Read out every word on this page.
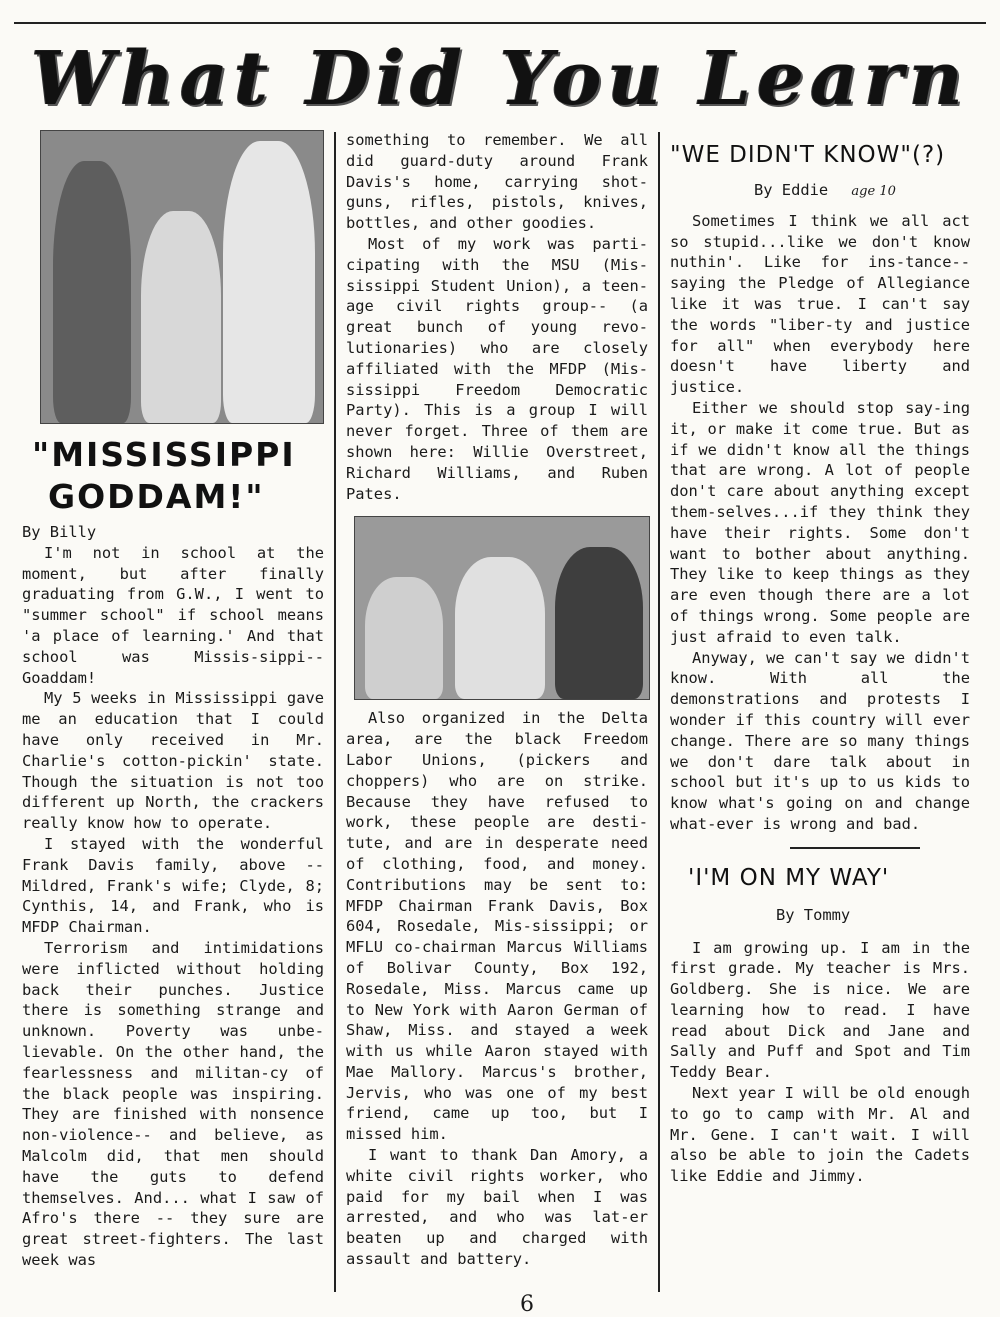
What Did You Learn
"MISSISSIPPI
GODDAM!"

By Billy

I'm not in school at the moment, but after finally graduating from G.W., I went to "summer school" if school means 'a place of learning.' And that school was Missis-sippi--Goaddam!

My 5 weeks in Mississippi gave me an education that I could have only received in Mr. Charlie's cotton-pickin' state. Though the situation is not too different up North, the crackers really know how to operate.

I stayed with the wonderful Frank Davis family, above -- Mildred, Frank's wife; Clyde, 8; Cynthis, 14, and Frank, who is MFDP Chairman.

Terrorism and intimidations were inflicted without holding back their punches. Justice there is something strange and unknown. Poverty was unbe-lievable. On the other hand, the fearlessness and militan-cy of the black people was inspiring. They are finished with nonsence non-violence-- and believe, as Malcolm did, that men should have the guts to defend themselves. And... what I saw of Afro's there -- they sure are great street-fighters. The last week was

something to remember. We all did guard-duty around Frank Davis's home, carrying shot-guns, rifles, pistols, knives, bottles, and other goodies.

Most of my work was parti-cipating with the MSU (Mis-sissippi Student Union), a teen-age civil rights group-- (a great bunch of young revo-lutionaries) who are closely affiliated with the MFDP (Mis-sissippi Freedom Democratic Party). This is a group I will never forget. Three of them are shown here: Willie Overstreet, Richard Williams, and Ruben Pates.

Also organized in the Delta area, are the black Freedom Labor Unions, (pickers and choppers) who are on strike. Because they have refused to work, these people are desti-tute, and are in desperate need of clothing, food, and money. Contributions may be sent to: MFDP Chairman Frank Davis, Box 604, Rosedale, Mis-sissippi; or MFLU co-chairman Marcus Williams of Bolivar County, Box 192, Rosedale, Miss. Marcus came up to New York with Aaron German of Shaw, Miss. and stayed a week with us while Aaron stayed with Mae Mallory. Marcus's brother, Jervis, who was one of my best friend, came up too, but I missed him.

I want to thank Dan Amory, a white civil rights worker, who paid for my bail when I was arrested, and who was lat-er beaten up and charged with assault and battery.

"WE DIDN'T KNOW"(?)
By Eddie age 10

Sometimes I think we all act so stupid...like we don't know nuthin'. Like for ins-tance--saying the Pledge of Allegiance like it was true. I can't say the words "liber-ty and justice for all" when everybody here doesn't have liberty and justice.

Either we should stop say-ing it, or make it come true. But as if we didn't know all the things that are wrong. A lot of people don't care about anything except them-selves...if they think they have their rights. Some don't want to bother about anything. They like to keep things as they are even though there are a lot of things wrong. Some people are just afraid to even talk.

Anyway, we can't say we didn't know. With all the demonstrations and protests I wonder if this country will ever change. There are so many things we don't dare talk about in school but it's up to us kids to know what's going on and change what-ever is wrong and bad.

'I'M ON MY WAY'

By Tommy

I am growing up. I am in the first grade. My teacher is Mrs. Goldberg. She is nice. We are learning how to read. I have read about Dick and Jane and Sally and Puff and Spot and Tim Teddy Bear.

Next year I will be old enough to go to camp with Mr. Al and Mr. Gene. I can't wait. I will also be able to join the Cadets like Eddie and Jimmy.

6
